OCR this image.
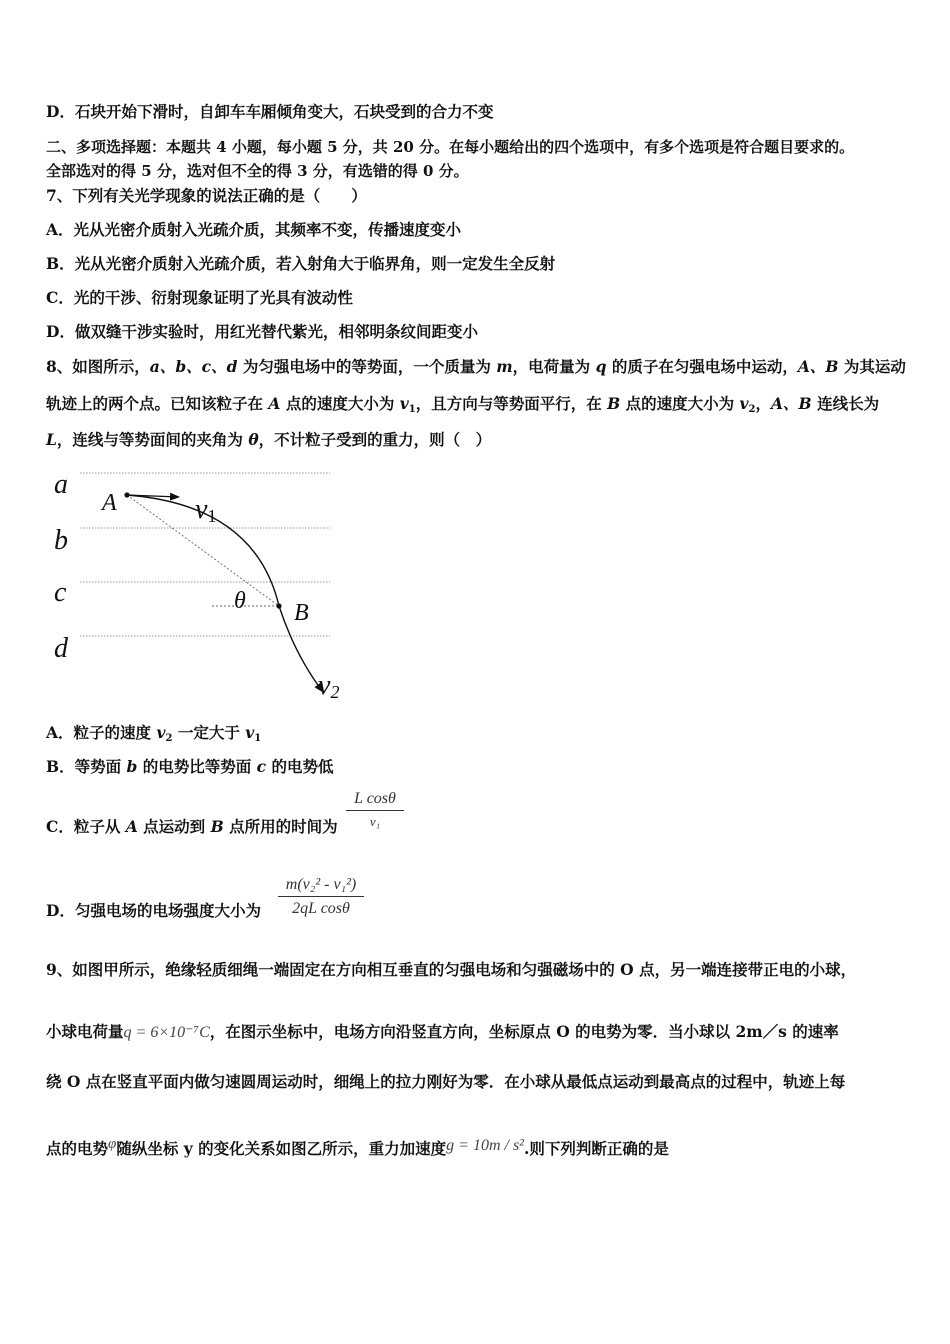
D．石块开始下滑时，自卸车车厢倾角变大，石块受到的合力不变
二、多项选择题：本题共 4 小题，每小题 5 分，共 20 分。在每小题给出的四个选项中，有多个选项是符合题目要求的。
全部选对的得 5 分，选对但不全的得 3 分，有选错的得 0 分。
7、下列有关光学现象的说法正确的是（　　）
A．光从光密介质射入光疏介质，其频率不变，传播速度变小
B．光从光密介质射入光疏介质，若入射角大于临界角，则一定发生全反射
C．光的干涉、衍射现象证明了光具有波动性
D．做双缝干涉实验时，用红光替代紫光，相邻明条纹间距变小
8、如图所示，a、b、c、d 为匀强电场中的等势面，一个质量为 m，电荷量为 q 的质子在匀强电场中运动，A、B 为其运动
轨迹上的两个点。已知该粒子在 A 点的速度大小为 $v_1$，且方向与等势面平行，在 B 点的速度大小为 $v_2$，A、B 连线长为
L，连线与等势面间的夹角为 θ，不计粒子受到的重力，则（　）
a
b
c
d
A
B
θ
v1
v2
A．粒子的速度 $v_2$ 一定大于 $v_1$
B．等势面 b 的电势比等势面 c 的电势低
C．粒子从 A 点运动到 B 点所用的时间为
L cosθ
v₁
D．匀强电场的电场强度大小为
m(v₂² - v₁²)
2qL cosθ
9、如图甲所示，绝缘轻质细绳一端固定在方向相互垂直的匀强电场和匀强磁场中的 O 点，另一端连接带正电的小球，
小球电荷量q = 6×10⁻⁷C，在图示坐标中，电场方向沿竖直方向，坐标原点 O 的电势为零．当小球以 2m／s 的速率
绕 O 点在竖直平面内做匀速圆周运动时，细绳上的拉力刚好为零．在小球从最低点运动到最高点的过程中，轨迹上每
点的电势φ随纵坐标 y 的变化关系如图乙所示，重力加速度g = 10m / s².则下列判断正确的是
